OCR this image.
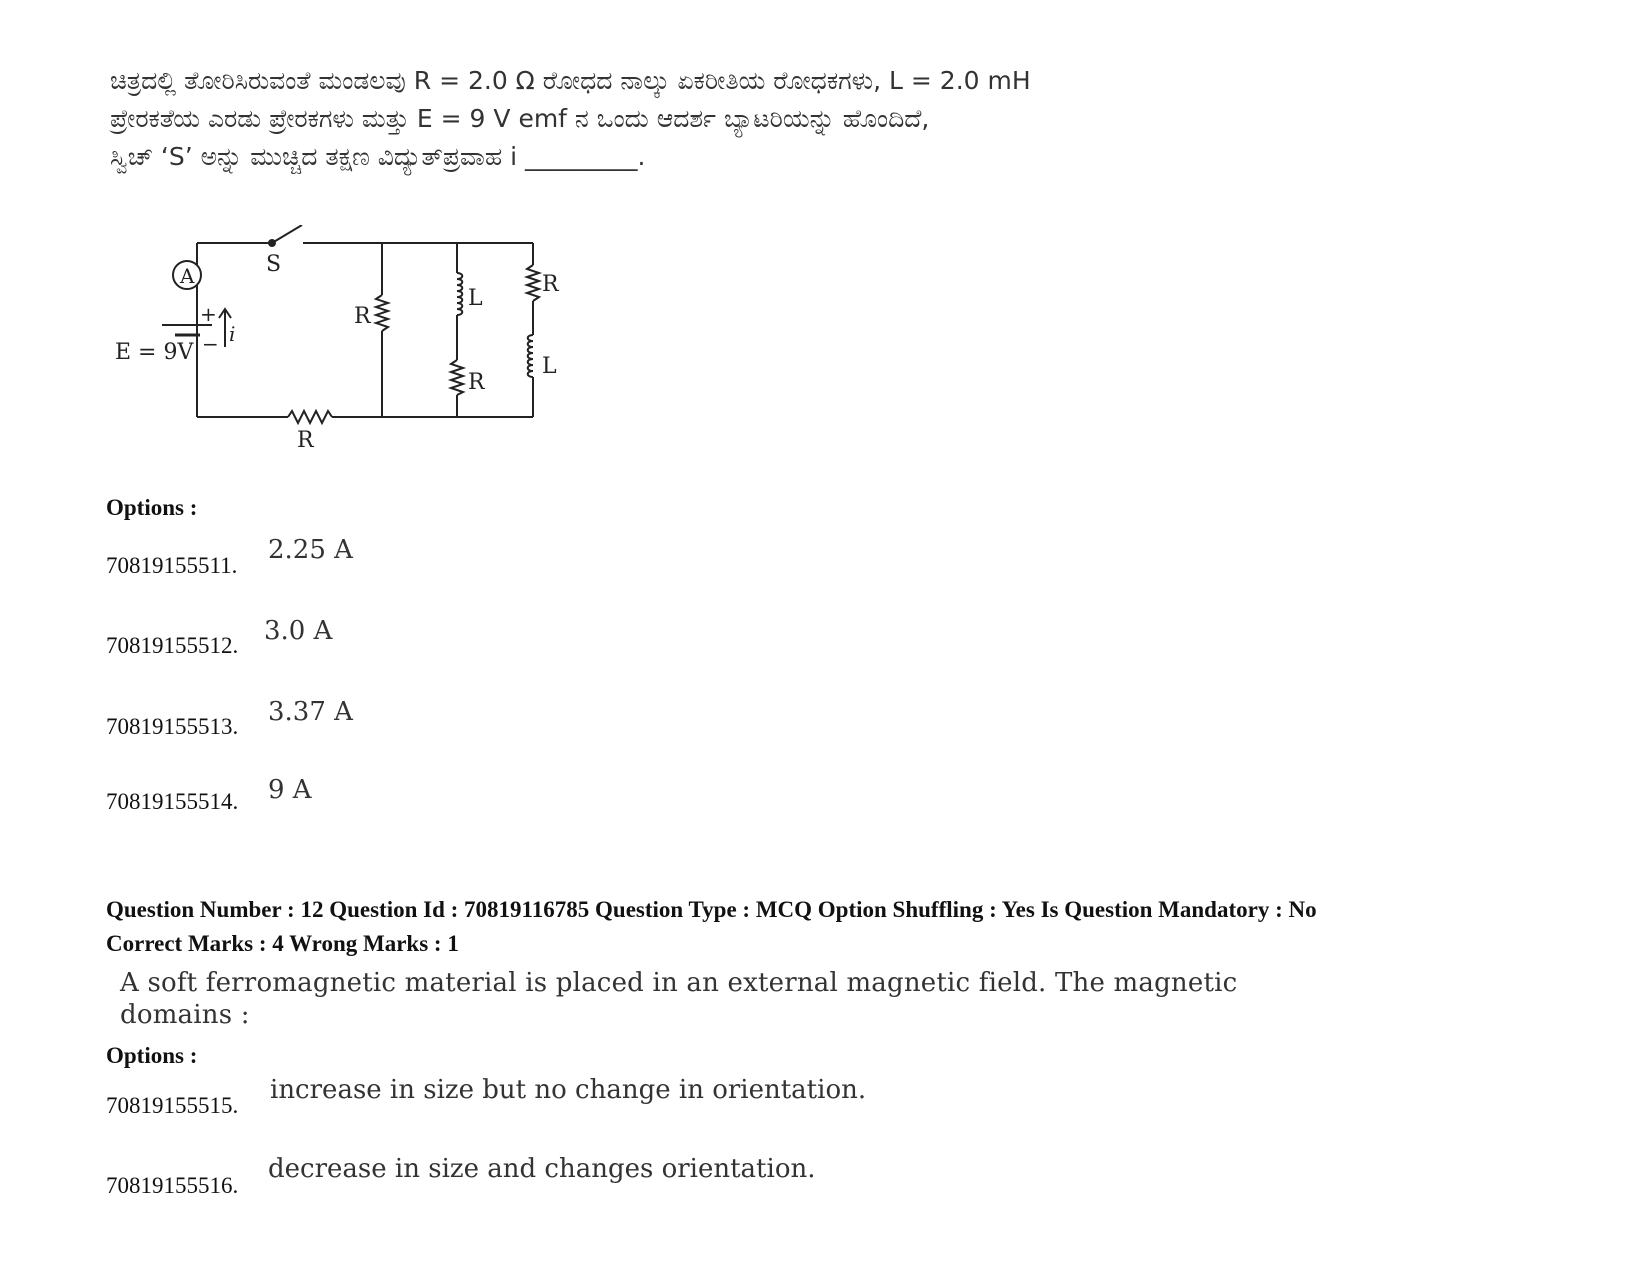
ಚಿತ್ರದಲ್ಲಿ ತೋರಿಸಿರುವಂತೆ ಮಂಡಲವು R = 2.0 Ω ರೋಧದ ನಾಲ್ಕು ಏಕರೀತಿಯ ರೋಧಕಗಳು, L = 2.0 mH
ಪ್ರೇರಕತೆಯ ಎರಡು ಪ್ರೇರಕಗಳು ಮತ್ತು E = 9 V emf ನ ಒಂದು ಆದರ್ಶ ಬ್ಯಾಟರಿಯನ್ನು ಹೊಂದಿದೆ,
ಸ್ವಿಚ್ ‘S’ ಅನ್ನು ಮುಚ್ಚಿದ ತಕ್ಷಣ ವಿದ್ಯುತ್‌ಪ್ರವಾಹ i _________.
A	S
+
− i
E = 9V
R
R
L
R
R
L
Options :
70819155511.
2.25 A
70819155512. 3.0 A
70819155513. 3.37 A
70819155514. 9 A
Question Number : 12 Question Id : 70819116785 Question Type : MCQ Option Shuffling : Yes Is Question Mandatory : No
Correct Marks : 4 Wrong Marks : 1
A soft ferromagnetic material is placed in an external magnetic field. The magnetic
domains :
Options :
70819155515.
increase in size but no change in orientation.
70819155516.
decrease in size and changes orientation.
